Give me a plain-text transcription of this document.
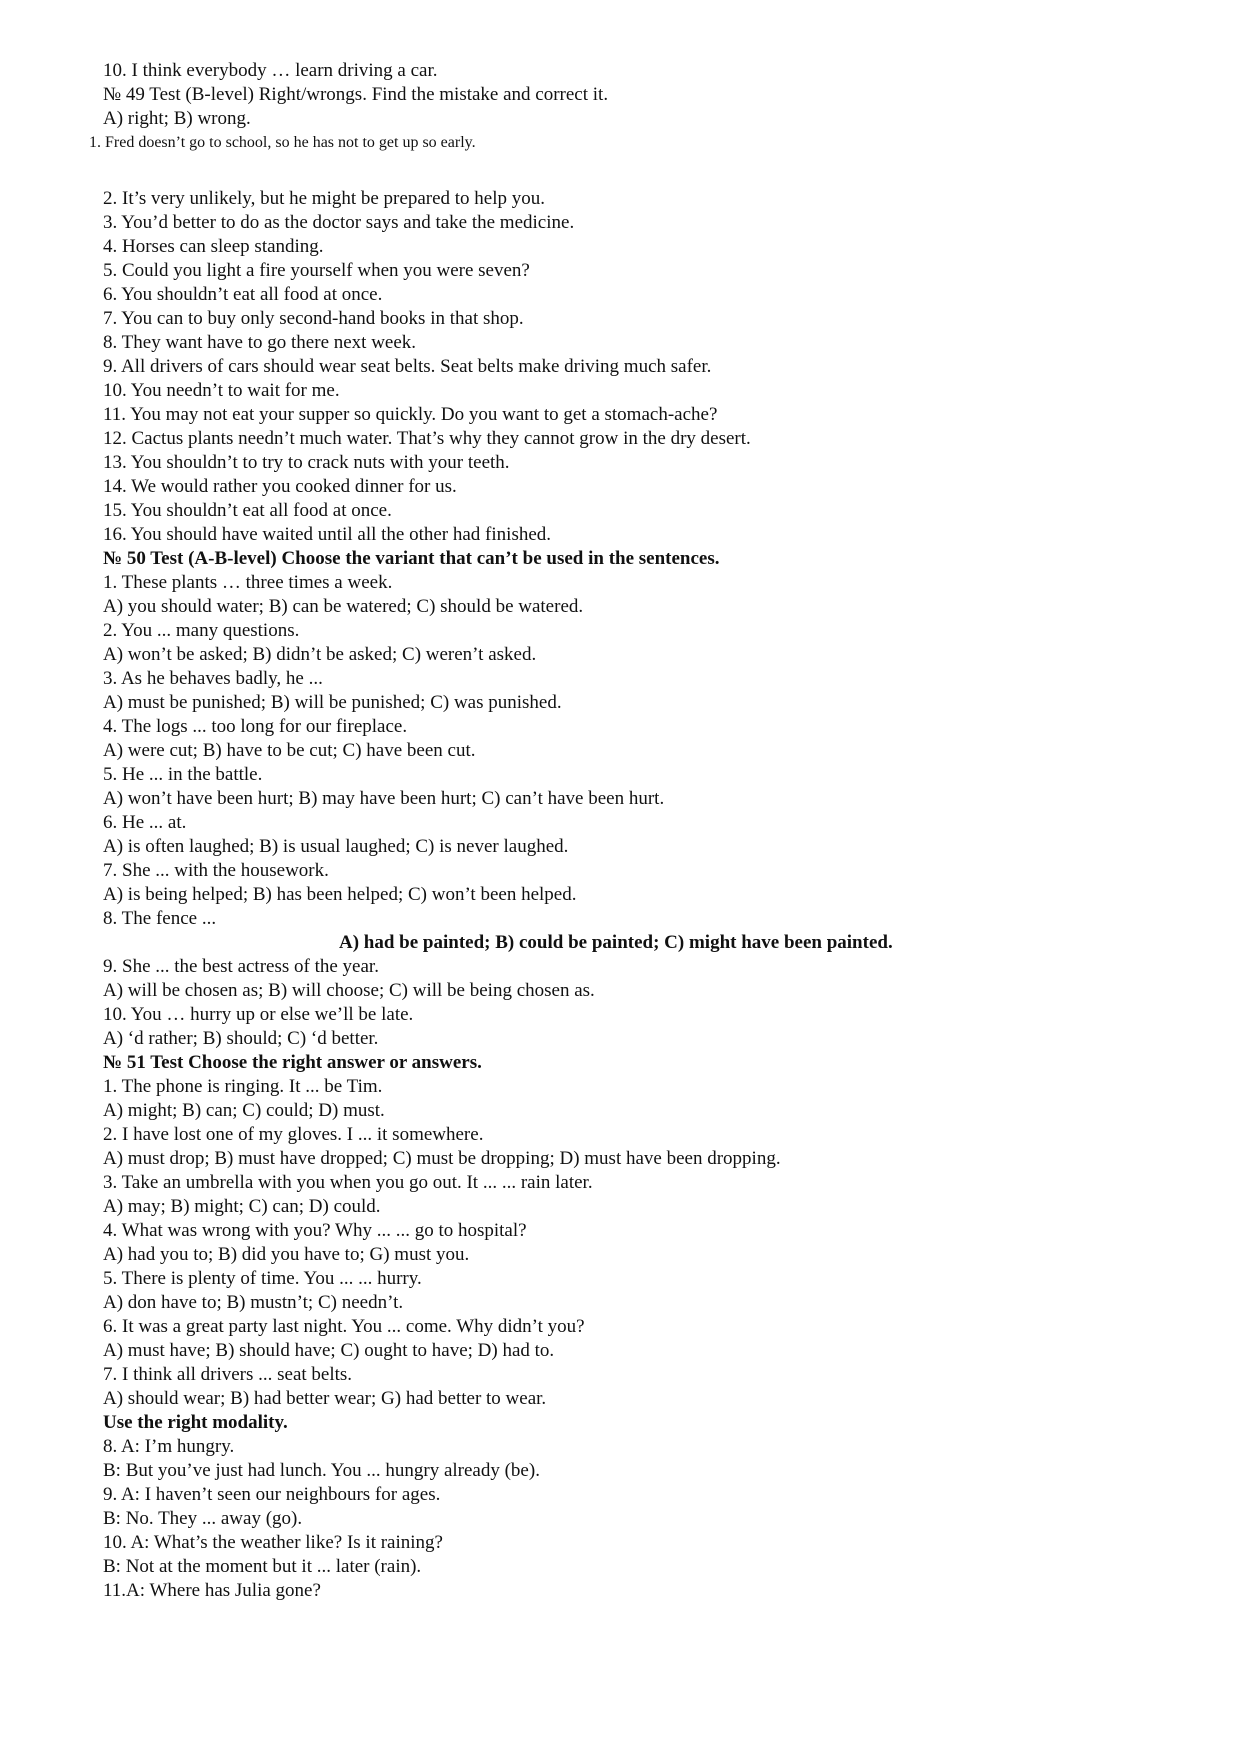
10. I think everybody … learn driving a car.
№ 49 Test (B-level) Right/wrongs. Find the mistake and correct it.
A) right; B) wrong.
1. Fred doesn’t go to school, so he has not to get up so early.
2. It’s very unlikely, but he might be prepared to help you.
3. You’d better to do as the doctor says and take the medicine.
4. Horses can sleep standing.
5. Could you light a fire yourself when you were seven?
6. You shouldn’t eat all food at once.
7. You can to buy only second-hand books in that shop.
8. They want have to go there next week.
9. All drivers of cars should wear seat belts. Seat belts make driving much safer.
10. You needn’t to wait for me.
11. You may not eat your supper so quickly. Do you want to get a stomach-ache?
12. Cactus plants needn’t much water. That’s why they cannot grow in the dry desert.
13. You shouldn’t to try to crack nuts with your teeth.
14. We would rather you cooked dinner for us.
15. You shouldn’t eat all food at once.
16. You should have waited until all the other had finished.
№ 50 Test (A-B-level) Choose the variant that can’t be used in the sentences.
1. These plants … three times a week.
A) you should water; B) can be watered; C) should be watered.
2. You ... many questions.
A) won’t be asked; B) didn’t be asked; C) weren’t asked.
3. As he behaves badly, he ...
A) must be punished; B) will be punished; C) was punished.
4. The logs ... too long for our fireplace.
A) were cut; B) have to be cut; C) have been cut.
5. He ... in the battle.
A) won’t have been hurt; B) may have been hurt; C) can’t have been hurt.
6. He ... at.
A) is often laughed; B) is usual laughed; C) is never laughed.
7. She ... with the housework.
A) is being helped; B) has been helped; C) won’t been helped.
8. The fence ...
A) had be painted; B) could be painted; C) might have been painted.
9. She ... the best actress of the year.
A) will be chosen as; B) will choose; C) will be being chosen as.
10. You … hurry up or else we’ll be late.
A) ‘d rather; B) should; C) ‘d better.
№ 51 Test Choose the right answer or answers.
1. The phone is ringing. It ... be Tim.
A) might; B) can; C) could; D) must.
2. I have lost one of my gloves. I ... it somewhere.
A) must drop; B) must have dropped; C) must be dropping; D) must have been dropping.
3. Take an umbrella with you when you go out. It ... ... rain later.
A) may; B) might; C) can; D) could.
4. What was wrong with you? Why ... ... go to hospital?
A) had you to; B) did you have to; G) must you.
5. There is plenty of time. You ... ... hurry.
A) don have to; B) mustn’t; C) needn’t.
6. It was a great party last night. You ... come. Why didn’t you?
A) must have; B) should have; C) ought to have; D) had to.
7. I think all drivers ... seat belts.
A) should wear; B) had better wear; G) had better to wear.
Use the right modality.
8. A: I’m hungry.
B: But you’ve just had lunch. You ... hungry already (be).
9. A: I haven’t seen our neighbours for ages.
B: No. They ... away (go).
10. A: What’s the weather like? Is it raining?
B: Not at the moment but it ... later (rain).
11.A: Where has Julia gone?
